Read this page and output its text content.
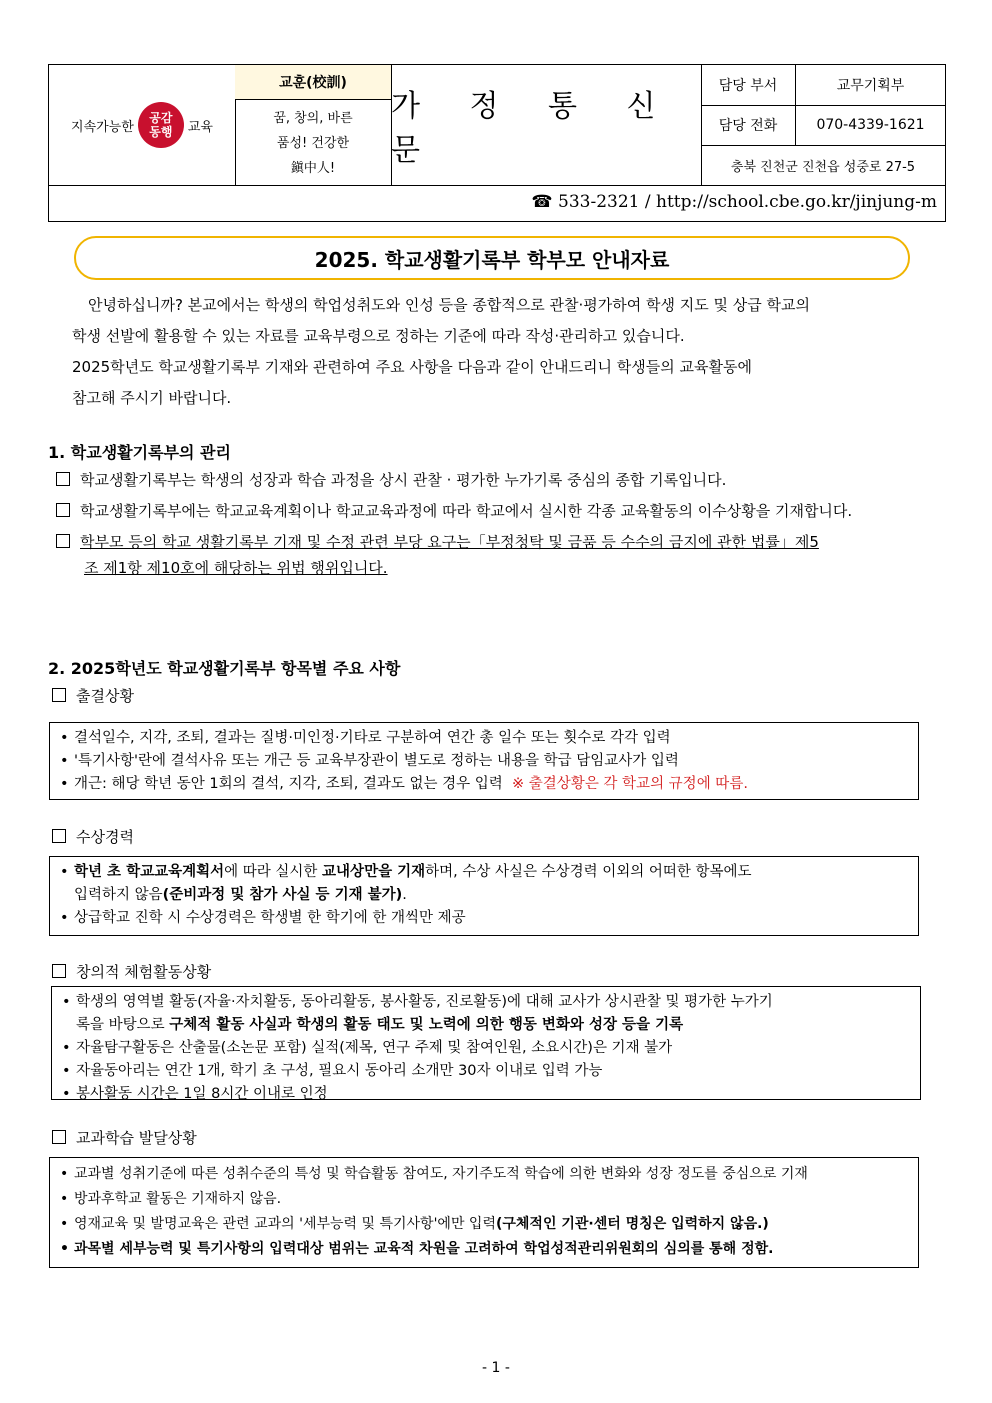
지속가능한
공감
동행 교육
교훈(校訓)
꿈, 창의, 바른
품성! 건강한
鎭中人!
가 정 통 신 문
담당 부서	교무기획부
담당 전화	070-4339-1621
충북 진천군 진천읍 성중로 27-5
☎ 533-2321 / http://school.cbe.go.kr/jinjung-m
2025. 학교생활기록부 학부모 안내자료
안녕하십니까? 본교에서는 학생의 학업성취도와 인성 등을 종합적으로 관찰·평가하여 학생 지도 및 상급 학교의
학생 선발에 활용할 수 있는 자료를 교육부령으로 정하는 기준에 따라 작성·관리하고 있습니다.
2025학년도 학교생활기록부 기재와 관련하여 주요 사항을 다음과 같이 안내드리니 학생들의 교육활동에
참고해 주시기 바랍니다.
1. 학교생활기록부의 관리
학교생활기록부는 학생의 성장과 학습 과정을 상시 관찰 · 평가한 누가기록 중심의 종합 기록입니다.
학교생활기록부에는 학교교육계획이나 학교교육과정에 따라 학교에서 실시한 각종 교육활동의 이수상황을 기재합니다.
학부모 등의 학교 생활기록부 기재 및 수정 관련 부당 요구는「부정청탁 및 금품 등 수수의 금지에 관한 법률」제5
조 제1항 제10호에 해당하는 위법 행위입니다.
2. 2025학년도 학교생활기록부 항목별 주요 사항
출결상황
• 결석일수, 지각, 조퇴, 결과는 질병·미인정·기타로 구분하여 연간 총 일수 또는 횟수로 각각 입력
• '특기사항'란에 결석사유 또는 개근 등 교육부장관이 별도로 정하는 내용을 학급 담임교사가 입력
• 개근: 해당 학년 동안 1회의 결석, 지각, 조퇴, 결과도 없는 경우 입력 ※ 출결상황은 각 학교의 규정에 따름.
수상경력
• 학년 초 학교교육계획서에 따라 실시한 교내상만을 기재하며, 수상 사실은 수상경력 이외의 어떠한 항목에도
입력하지 않음(준비과정 및 참가 사실 등 기재 불가).
• 상급학교 진학 시 수상경력은 학생별 한 학기에 한 개씩만 제공
창의적 체험활동상황
• 학생의 영역별 활동(자율·자치활동, 동아리활동, 봉사활동, 진로활동)에 대해 교사가 상시관찰 및 평가한 누가기
록을 바탕으로 구체적 활동 사실과 학생의 활동 태도 및 노력에 의한 행동 변화와 성장 등을 기록
• 자율탐구활동은 산출물(소논문 포함) 실적(제목, 연구 주제 및 참여인원, 소요시간)은 기재 불가
• 자율동아리는 연간 1개, 학기 초 구성, 필요시 동아리 소개만 30자 이내로 입력 가능
• 봉사활동 시간은 1일 8시간 이내로 인정
교과학습 발달상황
• 교과별 성취기준에 따른 성취수준의 특성 및 학습활동 참여도, 자기주도적 학습에 의한 변화와 성장 정도를 중심으로 기재
• 방과후학교 활동은 기재하지 않음.
• 영재교육 및 발명교육은 관련 교과의 '세부능력 및 특기사항'에만 입력(구체적인 기관·센터 명칭은 입력하지 않음.)
• 과목별 세부능력 및 특기사항의 입력대상 범위는 교육적 차원을 고려하여 학업성적관리위원회의 심의를 통해 정함.
- 1 -
